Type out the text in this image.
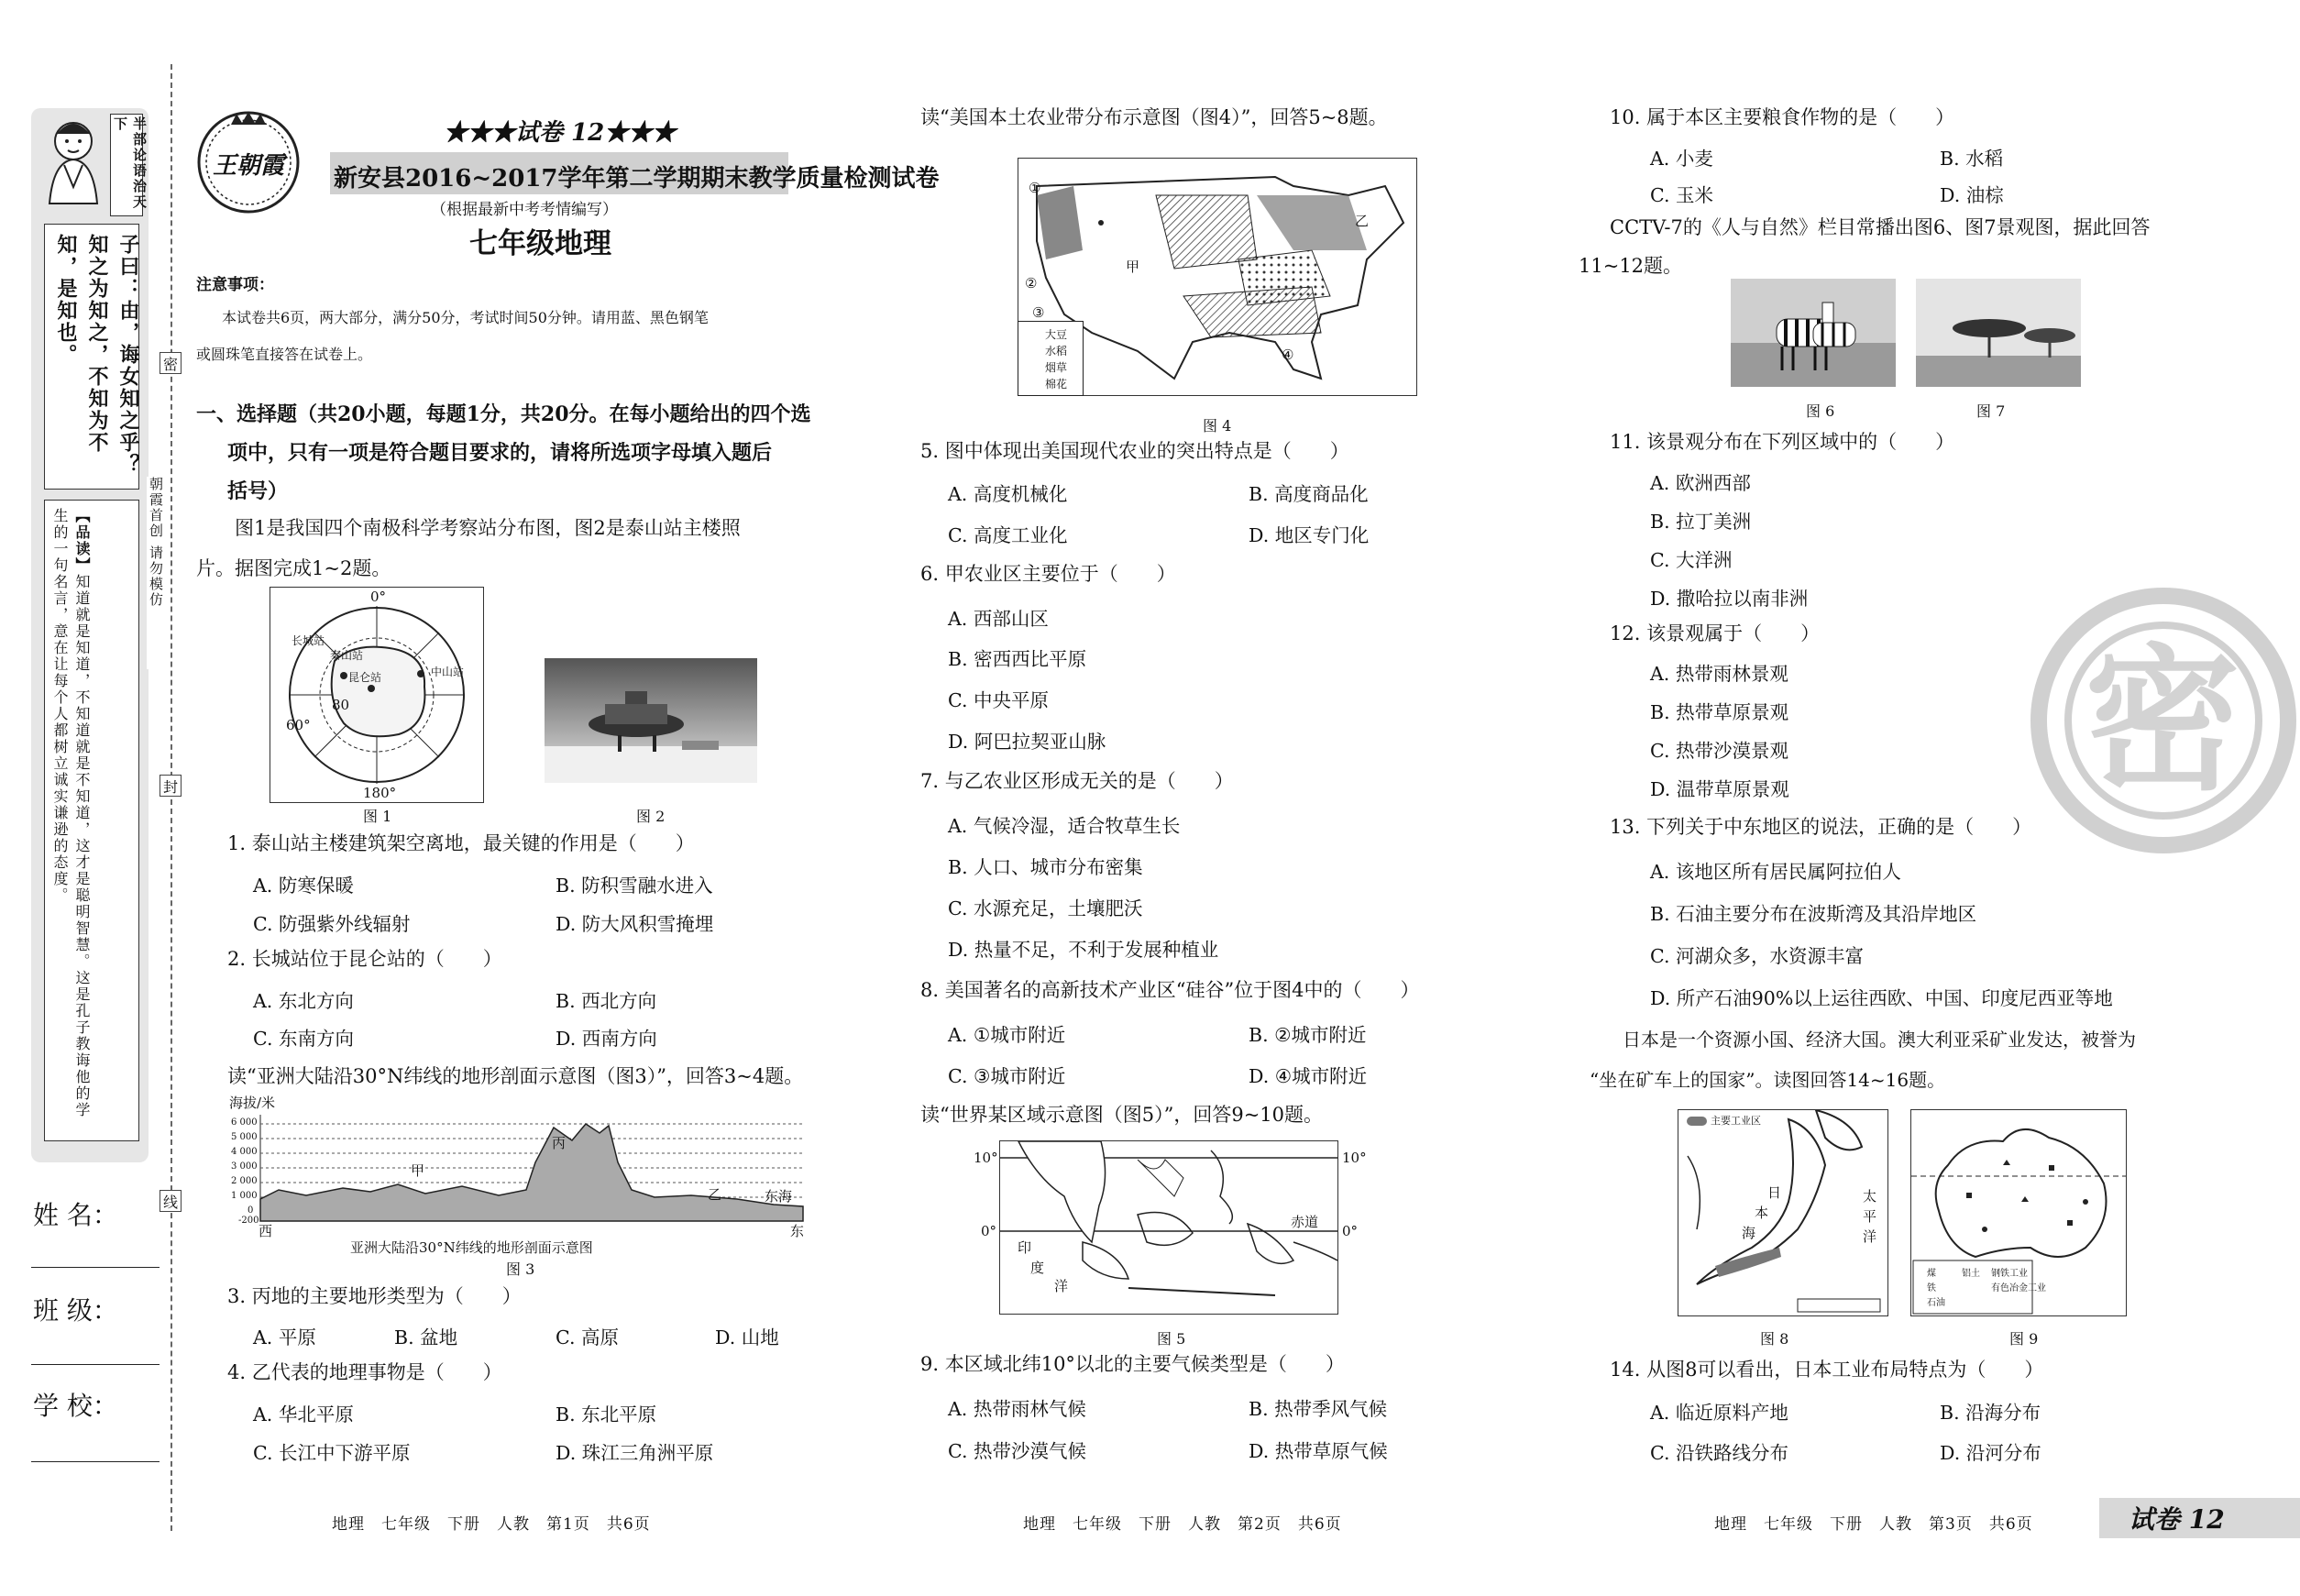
半部论语治天下
子曰：由，诲女知之乎？知之为知之，不知为不知，是知也。
【品读】知道就是知道，不知道就是不知道，这才是聪明智慧。这是孔子教诲他的学生的一句名言，意在让每个人都树立诚实谦逊的态度。
姓 名：
班 级：
学 校：
密
封
线
朝霞首创 请勿模仿
王朝霞
★★★试卷 12★★★
新安县2016~2017学年第二学期期末教学质量检测试卷
（根据最新中考考情编写）
七年级地理
注意事项：
本试卷共6页，两大部分，满分50分，考试时间50分钟。请用蓝、黑色钢笔
或圆珠笔直接答在试卷上。
一、选择题（共20小题，每题1分，共20分。在每小题给出的四个选
项中，只有一项是符合题目要求的，请将所选项字母填入题后
括号）
图1是我国四个南极科学考察站分布图，图2是泰山站主楼照
片。据图完成1~2题。
0°
180°
60°
80
长城站
昆仑站	中山站
泰山站
图 1	图 2
1. 泰山站主楼建筑架空离地，最关键的作用是（　　）
A. 防寒保暖	B. 防积雪融水进入
C. 防强紫外线辐射	D. 防大风积雪掩埋
2. 长城站位于昆仑站的（　　）
A. 东北方向	B. 西北方向
C. 东南方向	D. 西南方向
读“亚洲大陆沿30°N纬线的地形剖面示意图（图3）”，回答3~4题。
海拔/米
6 000
5 000
4 000
3 000
2 000
1 000
0
-200
甲
丙
乙	东海
西	东
亚洲大陆沿30°N纬线的地形剖面示意图
图 3
3. 丙地的主要地形类型为（　　）
A. 平原	B. 盆地	C. 高原	D. 山地
4. 乙代表的地理事物是（　　）
A. 华北平原	B. 东北平原
C. 长江中下游平原	D. 珠江三角洲平原
地理　七年级　下册　人教　第1页　共6页
读“美国本土农业带分布示意图（图4）”，回答5~8题。
大豆
水稻
烟草
棉花
甲
乙
①
②
③
④
图 4
5. 图中体现出美国现代农业的突出特点是（　　）
A. 高度机械化	B. 高度商品化
C. 高度工业化	D. 地区专门化
6. 甲农业区主要位于（　　）
A. 西部山区
B. 密西西比平原
C. 中央平原
D. 阿巴拉契亚山脉
7. 与乙农业区形成无关的是（　　）
A. 气候冷湿，适合牧草生长
B. 人口、城市分布密集
C. 水源充足，土壤肥沃
D. 热量不足，不利于发展种植业
8. 美国著名的高新技术产业区“硅谷”位于图4中的（　　）
A. ①城市附近	B. ②城市附近
C. ③城市附近	D. ④城市附近
读“世界某区域示意图（图5）”，回答9~10题。
10°	10°
0°	0°
赤道
印
度
洋
图 5
9. 本区域北纬10°以北的主要气候类型是（　　）
A. 热带雨林气候	B. 热带季风气候
C. 热带沙漠气候	D. 热带草原气候
地理　七年级　下册　人教　第2页　共6页
密
10. 属于本区主要粮食作物的是（　　）
A. 小麦	B. 水稻
C. 玉米	D. 油棕
CCTV-7的《人与自然》栏目常播出图6、图7景观图，据此回答
11~12题。
图 6	图 7
11. 该景观分布在下列区域中的（　　）
A. 欧洲西部
B. 拉丁美洲
C. 大洋洲
D. 撒哈拉以南非洲
12. 该景观属于（　　）
A. 热带雨林景观
B. 热带草原景观
C. 热带沙漠景观
D. 温带草原景观
13. 下列关于中东地区的说法，正确的是（　　）
A. 该地区所有居民属阿拉伯人
B. 石油主要分布在波斯湾及其沿岸地区
C. 河湖众多，水资源丰富
D. 所产石油90%以上运往西欧、中国、印度尼西亚等地
日本是一个资源小国、经济大国。澳大利亚采矿业发达，被誉为
“坐在矿车上的国家”。读图回答14~16题。
主要工业区
日
本
海
太
平
洋
图 8
煤
铁
石油
铝土 钢铁工业
有色冶金工业
图 9
14. 从图8可以看出，日本工业布局特点为（　　）
A. 临近原料产地	B. 沿海分布
C. 沿铁路线分布	D. 沿河分布
地理　七年级　下册　人教　第3页　共6页	试卷 12
